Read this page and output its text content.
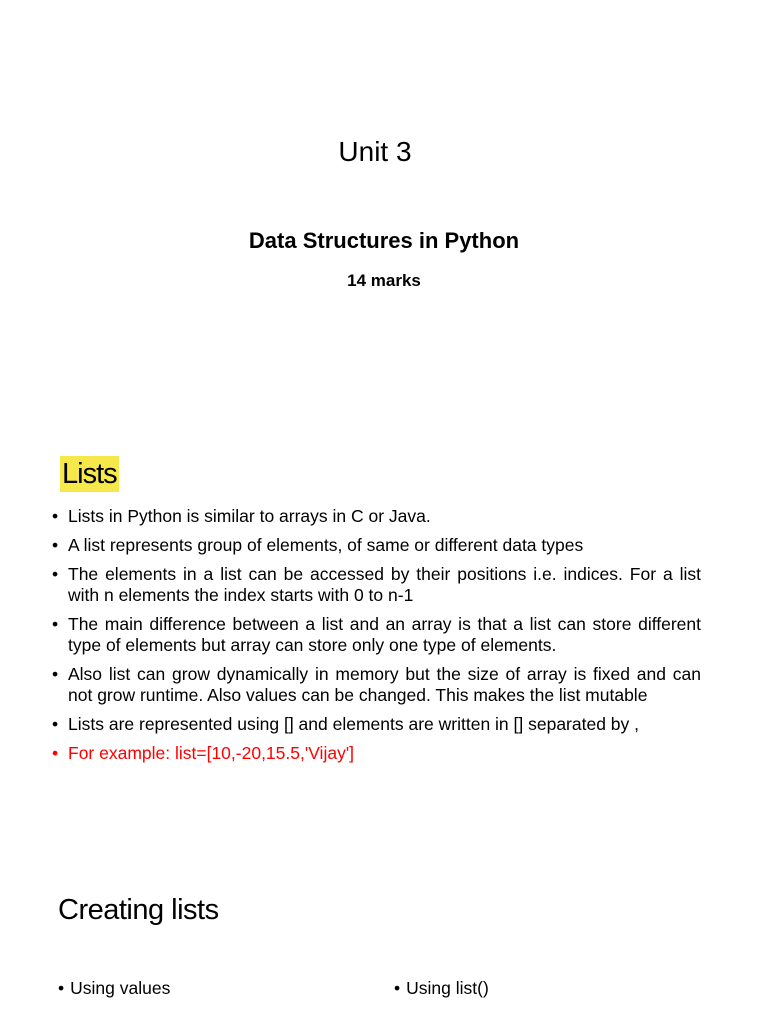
Unit 3
Data Structures in Python
14 marks
Lists
• Lists in Python is similar to arrays in C or Java.
• A list represents group of elements, of same or different data types
• The elements in a list can be accessed by their positions i.e. indices. For a list with n elements the index starts with 0 to n-1
• The main difference between a list and an array is that a list can store different type of elements but array can store only one type of elements.
• Also list can grow dynamically in memory but the size of array is fixed and can not grow runtime. Also values can be changed. This makes the list mutable
• Lists are represented using [] and elements are written in [] separated by ,
• For example: list=[10,-20,15.5,'Vijay']
Creating lists
• Using values	• Using list()
